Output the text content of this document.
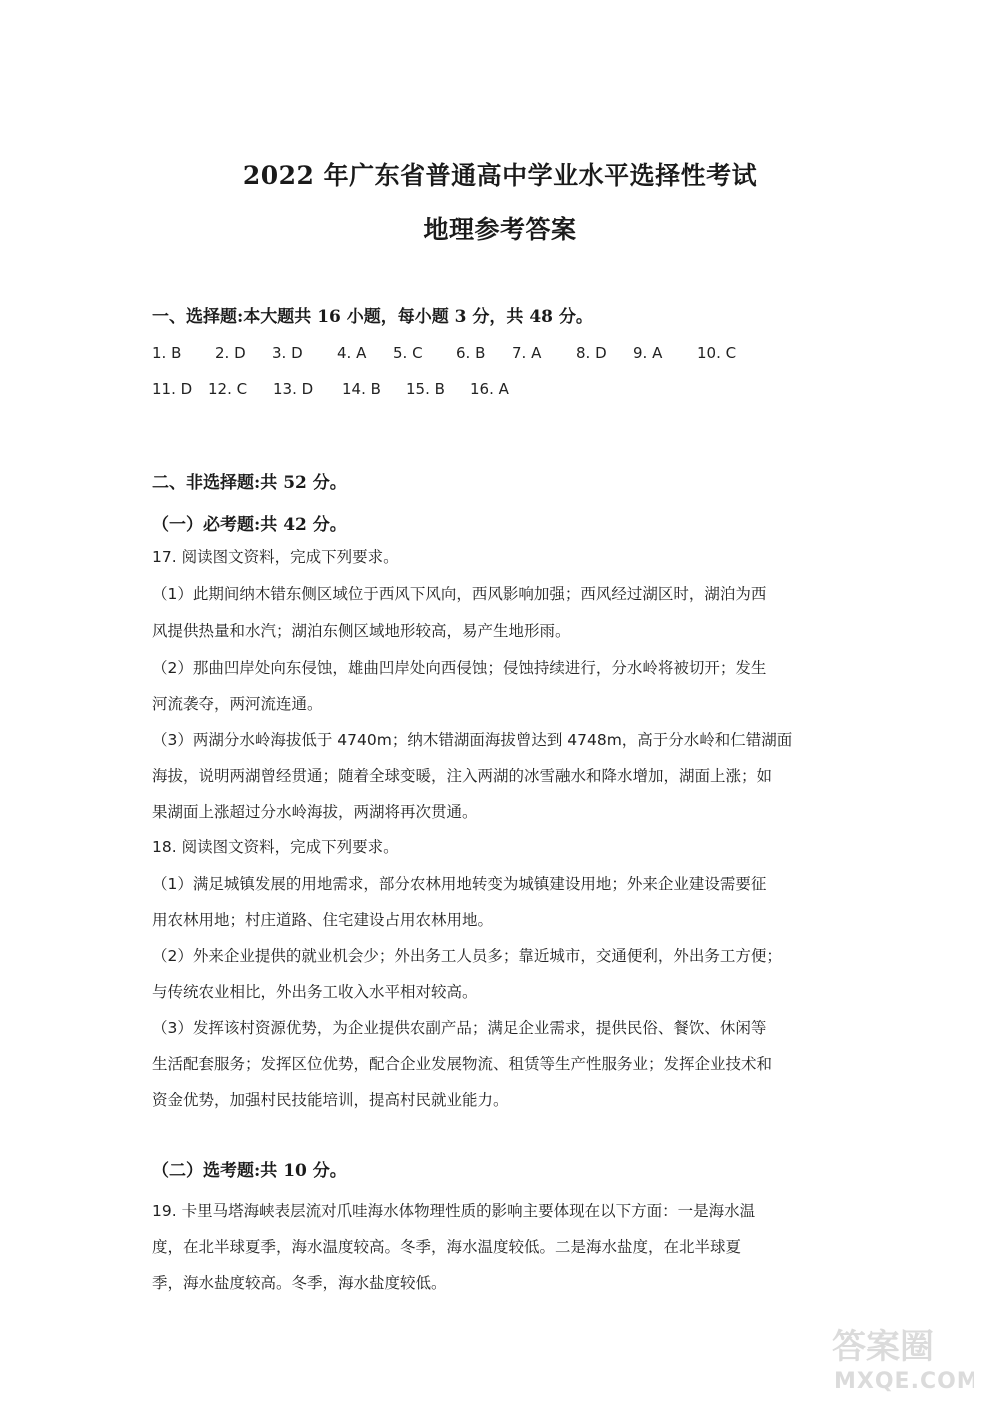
2022 年广东省普通高中学业水平选择性考试
地理参考答案
一、选择题:本大题共 16 小题，每小题 3 分，共 48 分。
1. B 2. D 3. D 4. A 5. C 6. B 7. A 8. D 9. A 10. C
11. D 12. C 13. D 14. B 15. B 16. A
二、非选择题:共 52 分。
（一）必考题:共 42 分。
17. 阅读图文资料，完成下列要求。
（1）此期间纳木错东侧区域位于西风下风向，西风影响加强；西风经过湖区时，湖泊为西
风提供热量和水汽；湖泊东侧区域地形较高，易产生地形雨。
（2）那曲凹岸处向东侵蚀，雄曲凹岸处向西侵蚀；侵蚀持续进行，分水岭将被切开；发生
河流袭夺，两河流连通。
（3）两湖分水岭海拔低于 4740m；纳木错湖面海拔曾达到 4748m，高于分水岭和仁错湖面
海拔，说明两湖曾经贯通；随着全球变暖，注入两湖的冰雪融水和降水增加，湖面上涨；如
果湖面上涨超过分水岭海拔，两湖将再次贯通。
18. 阅读图文资料，完成下列要求。
（1）满足城镇发展的用地需求，部分农林用地转变为城镇建设用地；外来企业建设需要征
用农林用地；村庄道路、住宅建设占用农林用地。
（2）外来企业提供的就业机会少；外出务工人员多；靠近城市，交通便利，外出务工方便；
与传统农业相比，外出务工收入水平相对较高。
（3）发挥该村资源优势，为企业提供农副产品；满足企业需求，提供民俗、餐饮、休闲等
生活配套服务；发挥区位优势，配合企业发展物流、租赁等生产性服务业；发挥企业技术和
资金优势，加强村民技能培训，提高村民就业能力。
（二）选考题:共 10 分。
19. 卡里马塔海峡表层流对爪哇海水体物理性质的影响主要体现在以下方面：一是海水温
度，在北半球夏季，海水温度较高。冬季，海水温度较低。二是海水盐度，在北半球夏
季，海水盐度较高。冬季，海水盐度较低。
答案圈
MXQE.COM
